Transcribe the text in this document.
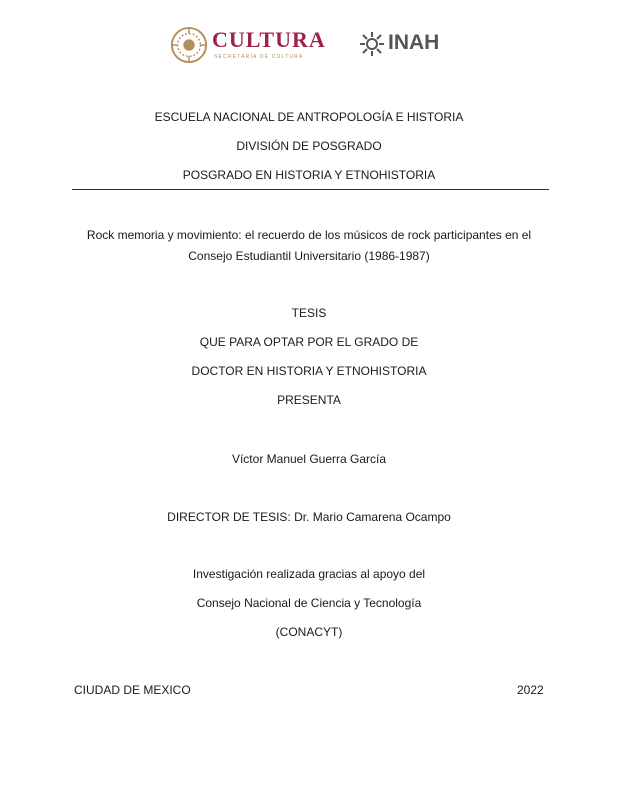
CULTURA
SECRETARÍA DE CULTURA
INAH
ESCUELA NACIONAL DE ANTROPOLOGÍA E HISTORIA
DIVISIÓN DE POSGRADO
POSGRADO EN HISTORIA Y ETNOHISTORIA
Rock memoria y movimiento: el recuerdo de los músicos de rock participantes en el
Consejo Estudiantil Universitario (1986-1987)
TESIS
QUE PARA OPTAR POR EL GRADO DE
DOCTOR EN HISTORIA Y ETNOHISTORIA
PRESENTA
Víctor Manuel Guerra García
DIRECTOR DE TESIS: Dr. Mario Camarena Ocampo
Investigación realizada gracias al apoyo del
Consejo Nacional de Ciencia y Tecnología
(CONACYT)
CIUDAD DE MEXICO	2022
